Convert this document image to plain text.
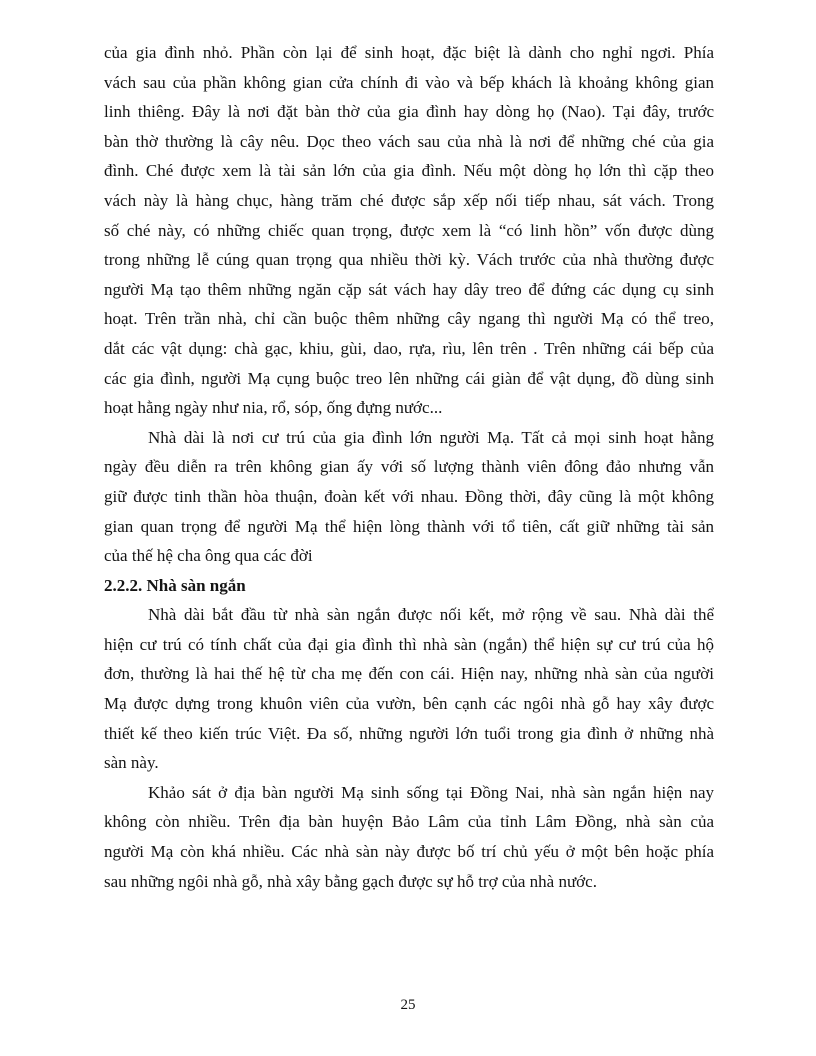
của gia đình nhỏ. Phần còn lại để sinh hoạt, đặc biệt là dành cho nghỉ ngơi. Phía
vách sau của phần không gian cửa chính đi vào và bếp khách là khoảng không gian
linh thiêng. Đây là nơi đặt bàn thờ của gia đình hay dòng họ (Nao). Tại đây, trước
bàn thờ thường là cây nêu. Dọc theo vách sau của nhà là nơi để những ché của gia
đình. Ché được xem là tài sản lớn của gia đình. Nếu một dòng họ lớn thì cặp theo
vách này là hàng chục, hàng trăm ché được sắp xếp nối tiếp nhau, sát vách. Trong
số ché này, có những chiếc quan trọng, được xem là “có linh hồn” vốn được dùng
trong những lễ cúng quan trọng qua nhiều thời kỳ. Vách trước của nhà thường được
người Mạ tạo thêm những ngăn cặp sát vách hay dây treo để đứng các dụng cụ sinh
hoạt. Trên trần nhà, chỉ cần buộc thêm những cây ngang thì người Mạ có thể treo,
dắt các vật dụng: chà gạc, khiu, gùi, dao, rựa, rìu, lên trên . Trên những cái bếp của
các gia đình, người Mạ cụng buộc treo lên những cái giàn để vật dụng, đồ dùng sinh
hoạt hằng ngày như nia, rổ, sóp, ống đựng nước...
Nhà dài là nơi cư trú của gia đình lớn người Mạ. Tất cả mọi sinh hoạt hằng
ngày đều diễn ra trên không gian ấy với số lượng thành viên đông đảo nhưng vẫn
giữ được tinh thần hòa thuận, đoàn kết với nhau. Đồng thời, đây cũng là một không
gian quan trọng để người Mạ thể hiện lòng thành với tổ tiên, cất giữ những tài sản
của thế hệ cha ông qua các đời
2.2.2. Nhà sàn ngắn
Nhà dài bắt đầu từ nhà sàn ngắn được nối kết, mở rộng về sau. Nhà dài thể
hiện cư trú có tính chất của đại gia đình thì nhà sàn (ngắn) thể hiện sự cư trú của hộ
đơn, thường là hai thế hệ từ cha mẹ đến con cái. Hiện nay, những nhà sàn của người
Mạ được dựng trong khuôn viên của vườn, bên cạnh các ngôi nhà gỗ hay xây được
thiết kế theo kiến trúc Việt. Đa số, những người lớn tuổi trong gia đình ở những nhà
sàn này.
Khảo sát ở địa bàn người Mạ sinh sống tại Đồng Nai, nhà sàn ngắn hiện nay
không còn nhiều. Trên địa bàn huyện Bảo Lâm của tỉnh Lâm Đồng, nhà sàn của
người Mạ còn khá nhiều. Các nhà sàn này được bố trí chủ yếu ở một bên hoặc phía
sau những ngôi nhà gỗ, nhà xây bằng gạch được sự hỗ trợ của nhà nước.
25
